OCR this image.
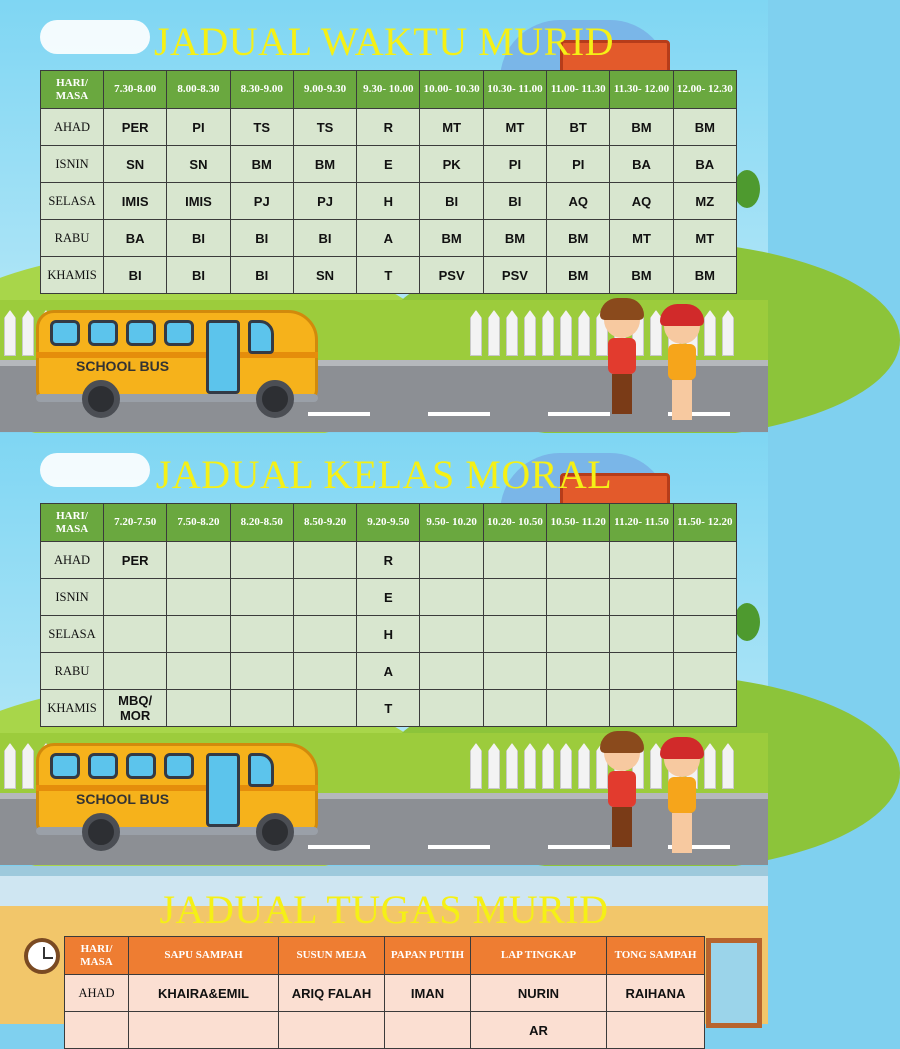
SCHOOL BUS
JADUAL WAKTU MURID
HARI/ MASA	7.30-8.00	8.00-8.30	8.30-9.00	9.00-9.30	9.30- 10.00	10.00- 10.30	10.30- 11.00	11.00- 11.30	11.30- 12.00	12.00- 12.30
AHAD	PER	PI	TS	TS	R	MT	MT	BT	BM	BM
ISNIN	SN	SN	BM	BM	E	PK	PI	PI	BA	BA
SELASA	IMIS	IMIS	PJ	PJ	H	BI	BI	AQ	AQ	MZ
RABU	BA	BI	BI	BI	A	BM	BM	BM	MT	MT
KHAMIS	BI	BI	BI	SN	T	PSV	PSV	BM	BM	BM
SCHOOL BUS
JADUAL KELAS MORAL
HARI/ MASA	7.20-7.50	7.50-8.20	8.20-8.50	8.50-9.20	9.20-9.50	9.50- 10.20	10.20- 10.50	10.50- 11.20	11.20- 11.50	11.50- 12.20
AHAD	PER				R					
ISNIN					E					
SELASA					H					
RABU					A					
KHAMIS	MBQ/ MOR				T					
JADUAL TUGAS MURID
HARI/ MASA	SAPU SAMPAH	SUSUN MEJA	PAPAN PUTIH	LAP TINGKAP	TONG SAMPAH
AHAD	KHAIRA&EMIL	ARIQ FALAH	IMAN	NURIN	RAIHANA
				AR	
